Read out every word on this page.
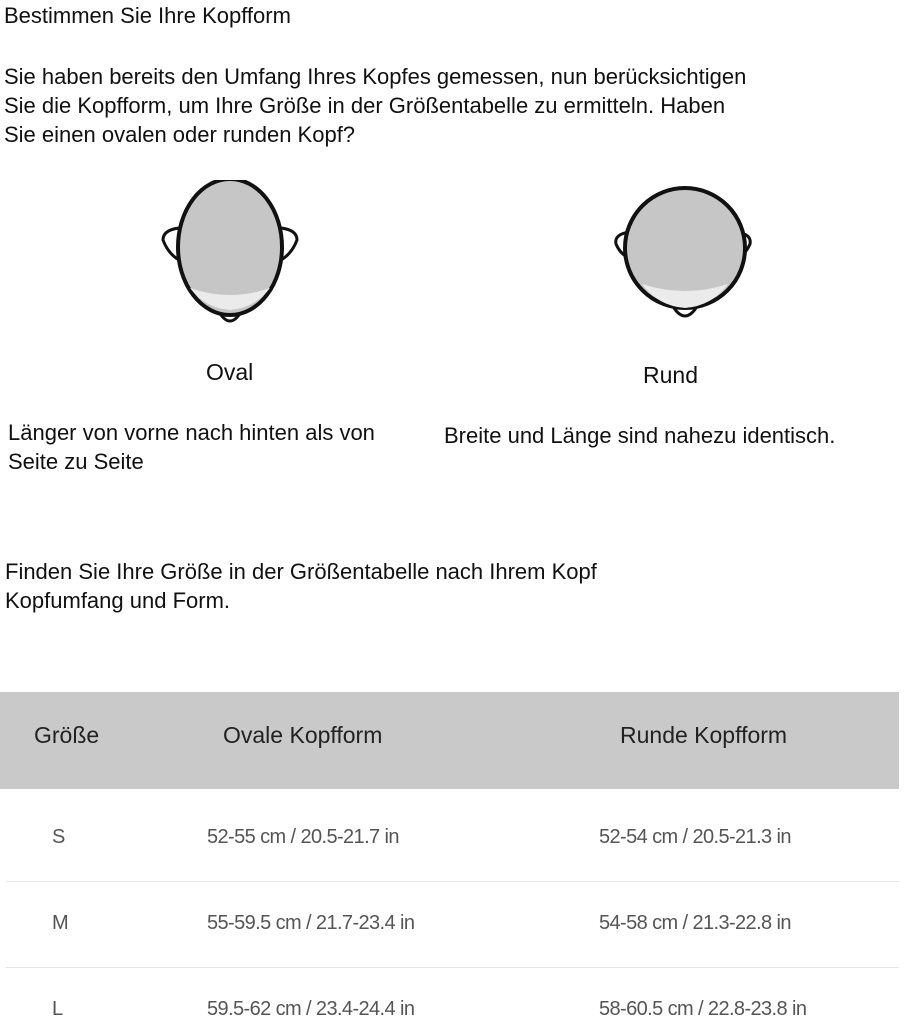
Bestimmen Sie Ihre Kopfform
Sie haben bereits den Umfang Ihres Kopfes gemessen, nun berücksichtigen
Sie die Kopfform, um Ihre Größe in der Größentabelle zu ermitteln. Haben
Sie einen ovalen oder runden Kopf?
Oval	Rund
Länger von vorne nach hinten als von
Seite zu Seite
Breite und Länge sind nahezu identisch.
Finden Sie Ihre Größe in der Größentabelle nach Ihrem Kopf
Kopfumfang und Form.
Größe	Ovale Kopfform	Runde Kopfform
S	52-55 cm / 20.5-21.7 in	52-54 cm / 20.5-21.3 in
M	55-59.5 cm / 21.7-23.4 in	54-58 cm / 21.3-22.8 in
L	59.5-62 cm / 23.4-24.4 in	58-60.5 cm / 22.8-23.8 in
